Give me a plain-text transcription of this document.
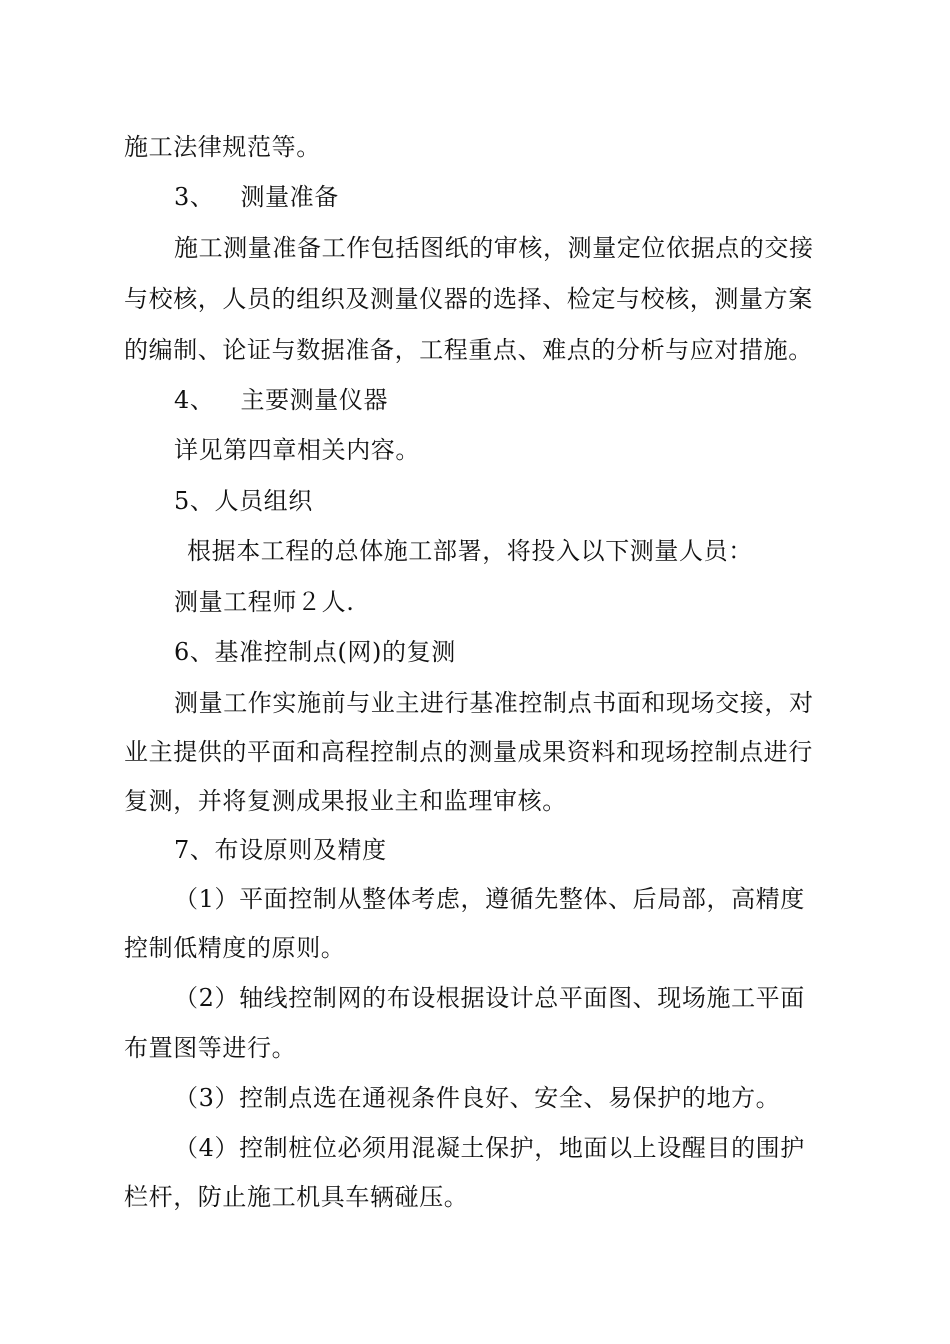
施工法律规范等。
3、 测量准备
施工测量准备工作包括图纸的审核，测量定位依据点的交接
与校核，人员的组织及测量仪器的选择、检定与校核，测量方案
的编制、论证与数据准备，工程重点、难点的分析与应对措施。
4、 主要测量仪器
详见第四章相关内容。
5、人员组织
根据本工程的总体施工部署，将投入以下测量人员：
测量工程师２人.
6、基准控制点(网)的复测
测量工作实施前与业主进行基准控制点书面和现场交接，对
业主提供的平面和高程控制点的测量成果资料和现场控制点进行
复测，并将复测成果报业主和监理审核。
7、布设原则及精度
（1）平面控制从整体考虑，遵循先整体、后局部，高精度
控制低精度的原则。
（2）轴线控制网的布设根据设计总平面图、现场施工平面
布置图等进行。
（3）控制点选在通视条件良好、安全、易保护的地方。
（4）控制桩位必须用混凝土保护，地面以上设醒目的围护
栏杆，防止施工机具车辆碰压。
